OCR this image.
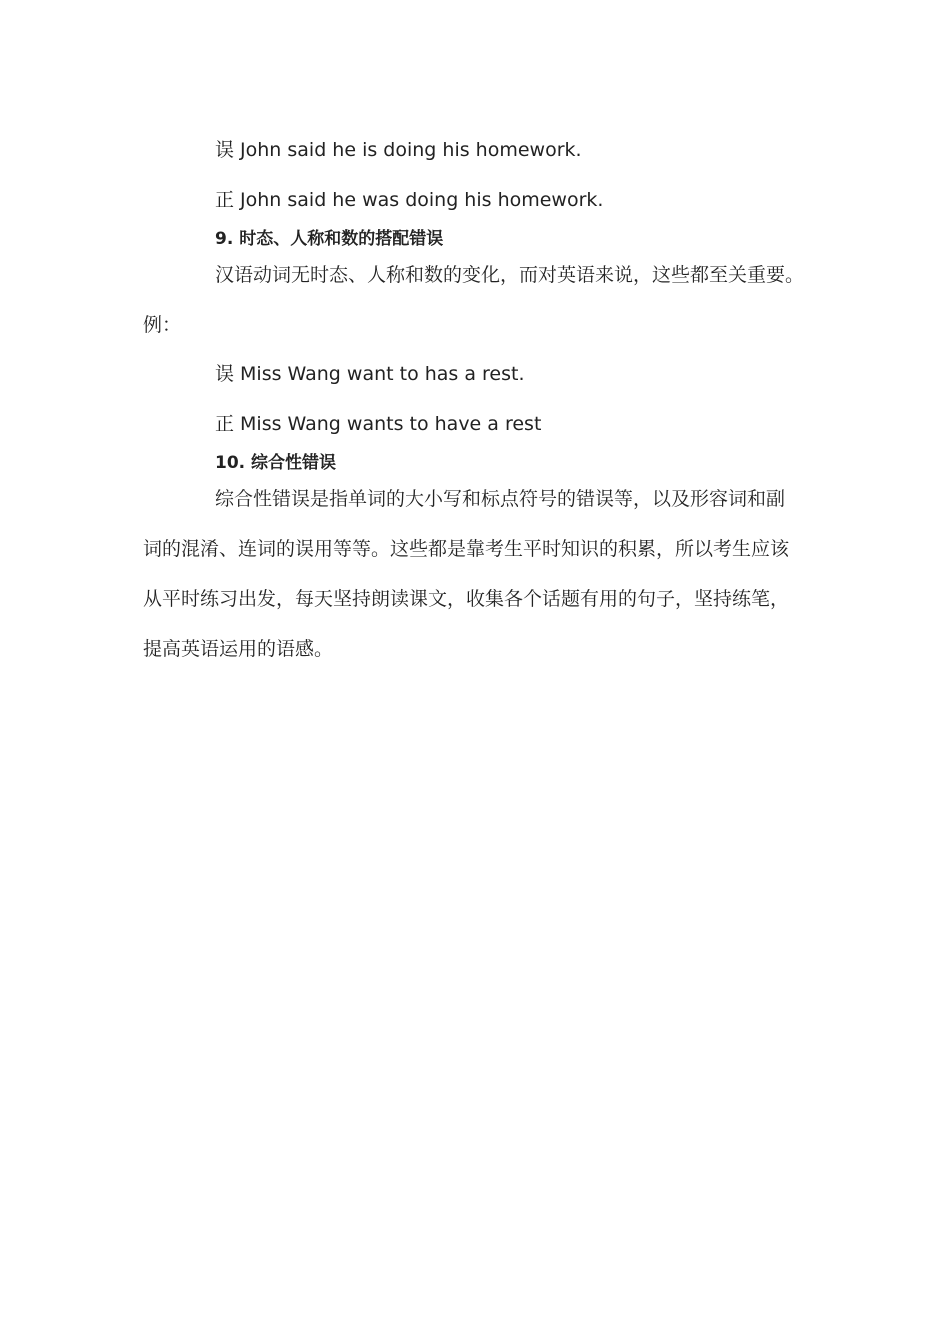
误 John said he is doing his homework.
正 John said he was doing his homework.
9. 时态、人称和数的搭配错误
汉语动词无时态、人称和数的变化，而对英语来说，这些都至关重要。
例：
误 Miss Wang want to has a rest.
正 Miss Wang wants to have a rest
10. 综合性错误
综合性错误是指单词的大小写和标点符号的错误等，以及形容词和副
词的混淆、连词的误用等等。这些都是靠考生平时知识的积累，所以考生应该
从平时练习出发，每天坚持朗读课文，收集各个话题有用的句子，坚持练笔，
提高英语运用的语感。
